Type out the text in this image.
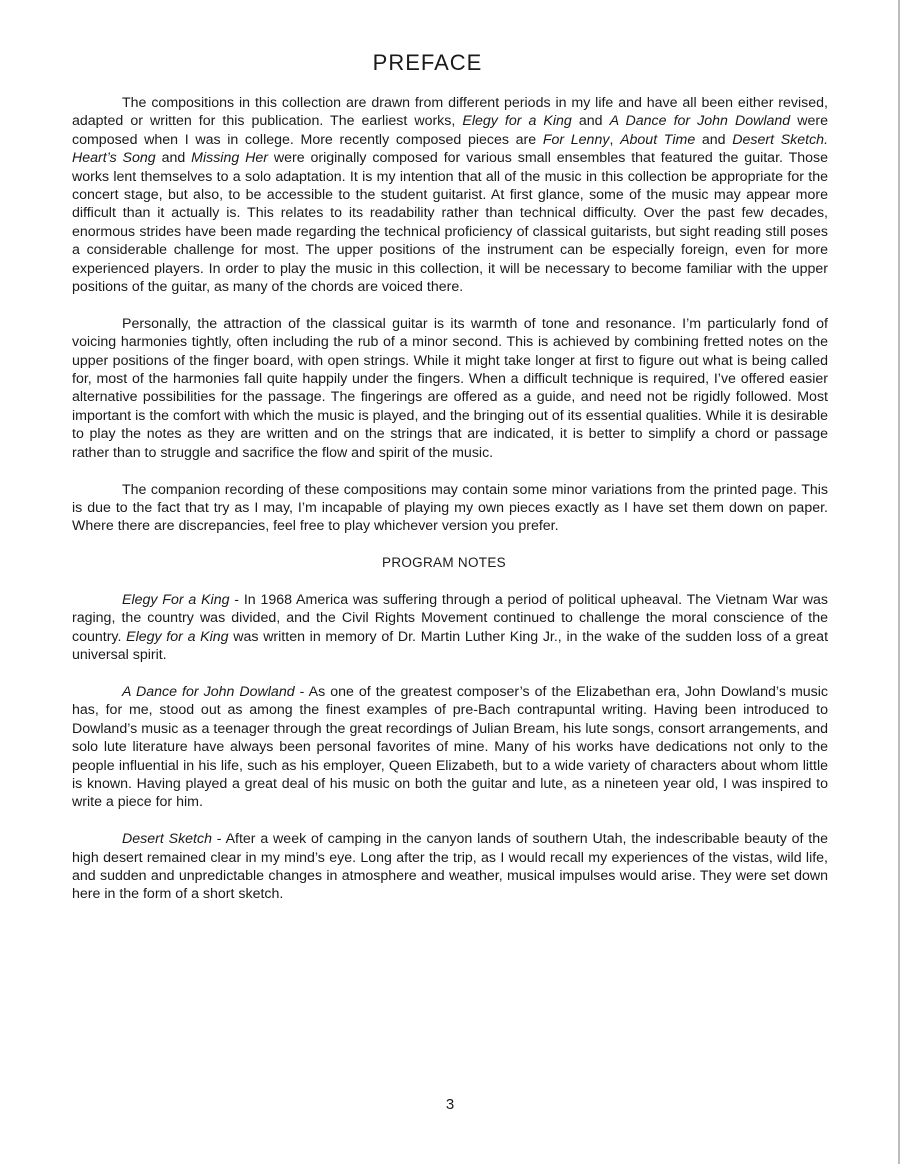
PREFACE

The compositions in this collection are drawn from different periods in my life and have all been either revised, adapted or written for this publication. The earliest works, Elegy for a King and A Dance for John Dowland were composed when I was in college. More recently composed pieces are For Lenny, About Time and Desert Sketch. Heart’s Song and Missing Her were originally composed for various small ensembles that featured the guitar. Those works lent themselves to a solo adaptation. It is my intention that all of the music in this collection be appropriate for the concert stage, but also, to be accessible to the student guitarist. At first glance, some of the music may appear more difficult than it actually is. This relates to its readability rather than technical difficulty. Over the past few decades, enormous strides have been made regarding the technical proficiency of classical guitarists, but sight reading still poses a considerable challenge for most. The upper positions of the instrument can be especially foreign, even for more experienced players. In order to play the music in this collection, it will be necessary to become familiar with the upper positions of the guitar, as many of the chords are voiced there.

Personally, the attraction of the classical guitar is its warmth of tone and resonance. I’m particularly fond of voicing harmonies tightly, often including the rub of a minor second. This is achieved by combining fretted notes on the upper positions of the finger board, with open strings. While it might take longer at first to figure out what is being called for, most of the harmonies fall quite happily under the fingers. When a difficult technique is required, I’ve offered easier alternative possibilities for the passage. The fingerings are offered as a guide, and need not be rigidly followed. Most important is the comfort with which the music is played, and the bringing out of its essential qualities. While it is desirable to play the notes as they are written and on the strings that are indicated, it is better to simplify a chord or passage rather than to struggle and sacrifice the flow and spirit of the music.

The companion recording of these compositions may contain some minor variations from the printed page. This is due to the fact that try as I may, I’m incapable of playing my own pieces exactly as I have set them down on paper. Where there are discrepancies, feel free to play whichever version you prefer.

PROGRAM NOTES

Elegy For a King - In 1968 America was suffering through a period of political upheaval. The Vietnam War was raging, the country was divided, and the Civil Rights Movement continued to challenge the moral conscience of the country. Elegy for a King was written in memory of Dr. Martin Luther King Jr., in the wake of the sudden loss of a great universal spirit.

A Dance for John Dowland - As one of the greatest composer’s of the Elizabethan era, John Dowland’s music has, for me, stood out as among the finest examples of pre-Bach contrapuntal writing. Having been introduced to Dowland’s music as a teenager through the great recordings of Julian Bream, his lute songs, consort arrangements, and solo lute literature have always been personal favorites of mine. Many of his works have dedications not only to the people influential in his life, such as his employer, Queen Elizabeth, but to a wide variety of characters about whom little is known. Having played a great deal of his music on both the guitar and lute, as a nineteen year old, I was inspired to write a piece for him.

Desert Sketch - After a week of camping in the canyon lands of southern Utah, the indescribable beauty of the high desert remained clear in my mind’s eye. Long after the trip, as I would recall my experiences of the vistas, wild life, and sudden and unpredictable changes in atmosphere and weather, musical impulses would arise. They were set down here in the form of a short sketch.

3
